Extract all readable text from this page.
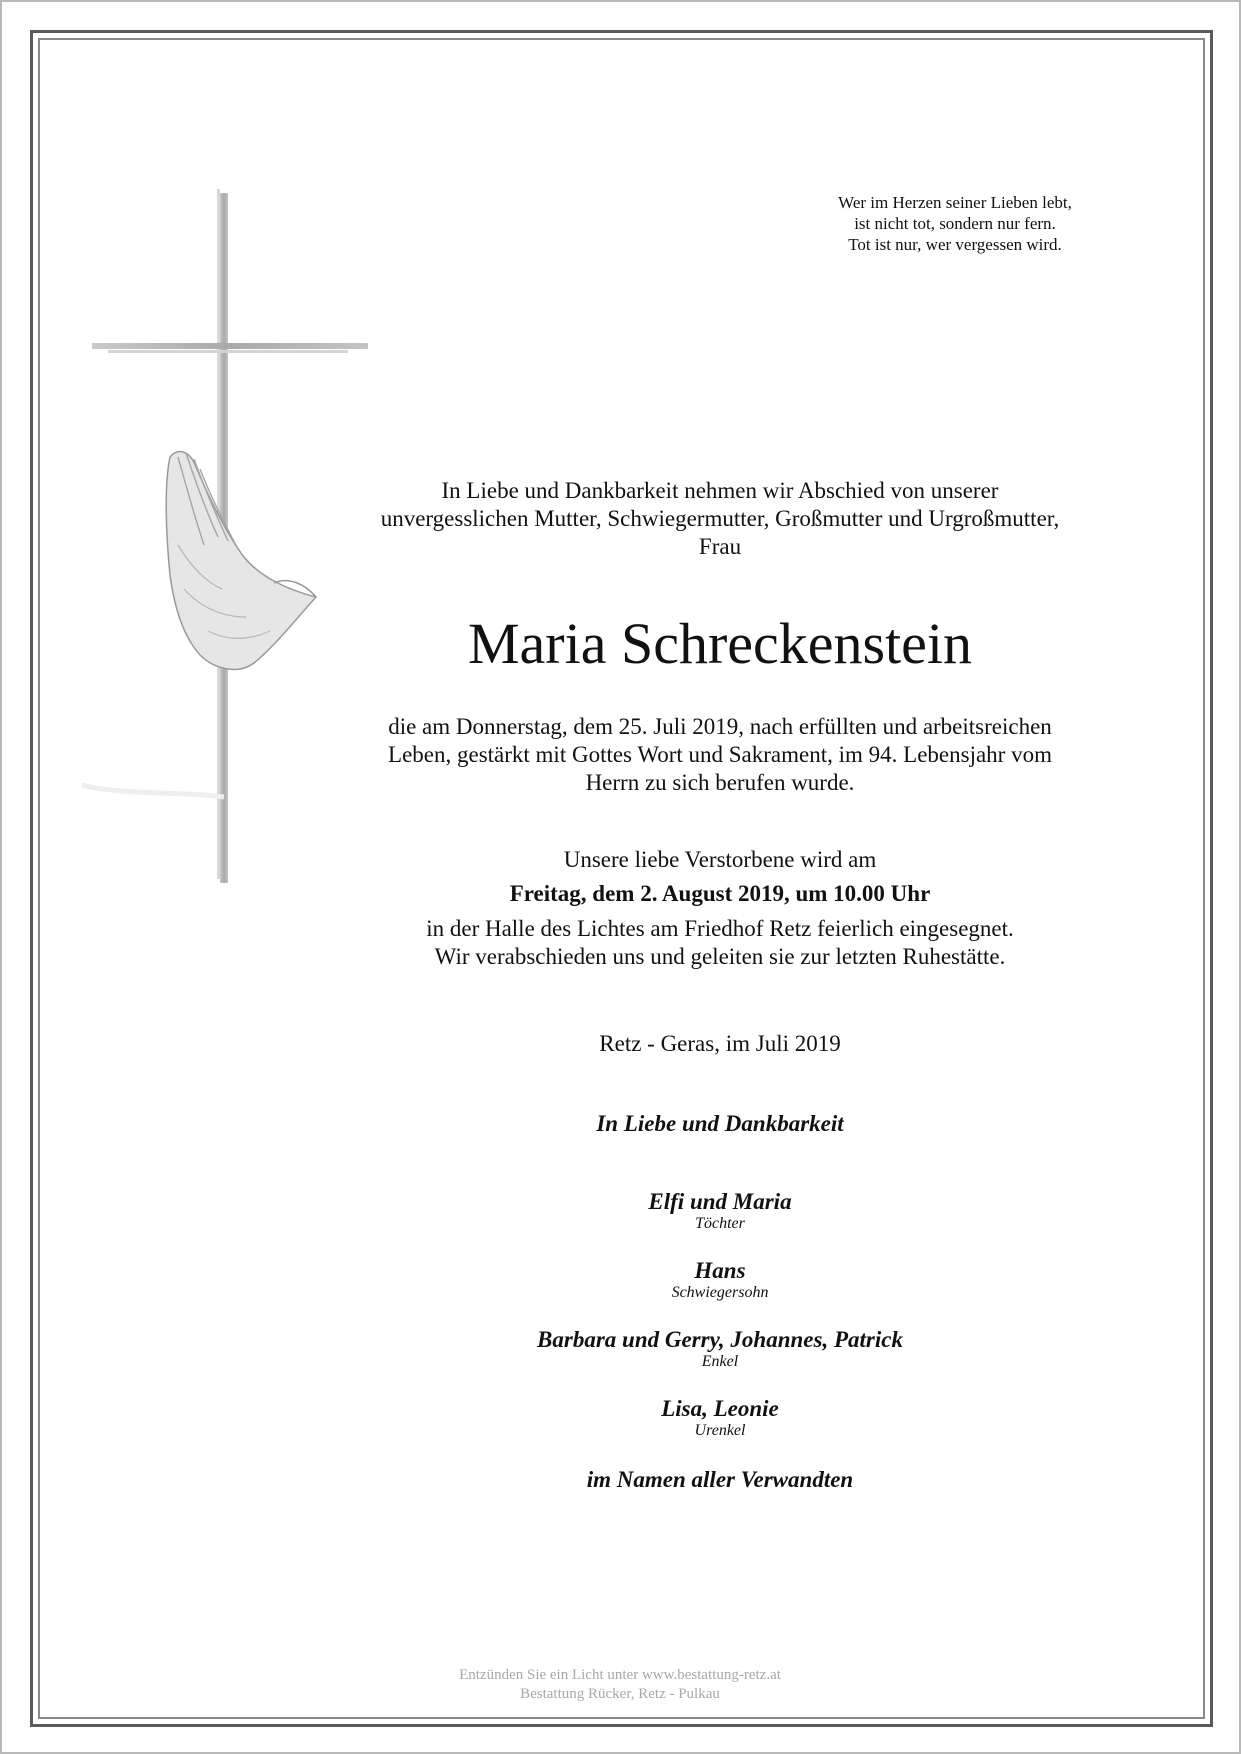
Wer im Herzen seiner Lieben lebt,
ist nicht tot, sondern nur fern.
Tot ist nur, wer vergessen wird.
In Liebe und Dankbarkeit nehmen wir Abschied von unserer
unvergesslichen Mutter, Schwiegermutter, Großmutter und Urgroßmutter,
Frau
Maria Schreckenstein
die am Donnerstag, dem 25. Juli 2019, nach erfüllten und arbeitsreichen
Leben, gestärkt mit Gottes Wort und Sakrament, im 94. Lebensjahr vom
Herrn zu sich berufen wurde.
Unsere liebe Verstorbene wird am
Freitag, dem 2. August 2019, um 10.00 Uhr
in der Halle des Lichtes am Friedhof Retz feierlich eingesegnet.
Wir verabschieden uns und geleiten sie zur letzten Ruhestätte.
Retz - Geras, im Juli 2019
In Liebe und Dankbarkeit
Elfi und Maria
Töchter
Hans
Schwiegersohn
Barbara und Gerry, Johannes, Patrick
Enkel
Lisa, Leonie
Urenkel
im Namen aller Verwandten
Entzünden Sie ein Licht unter www.bestattung-retz.at
Bestattung Rücker, Retz - Pulkau
